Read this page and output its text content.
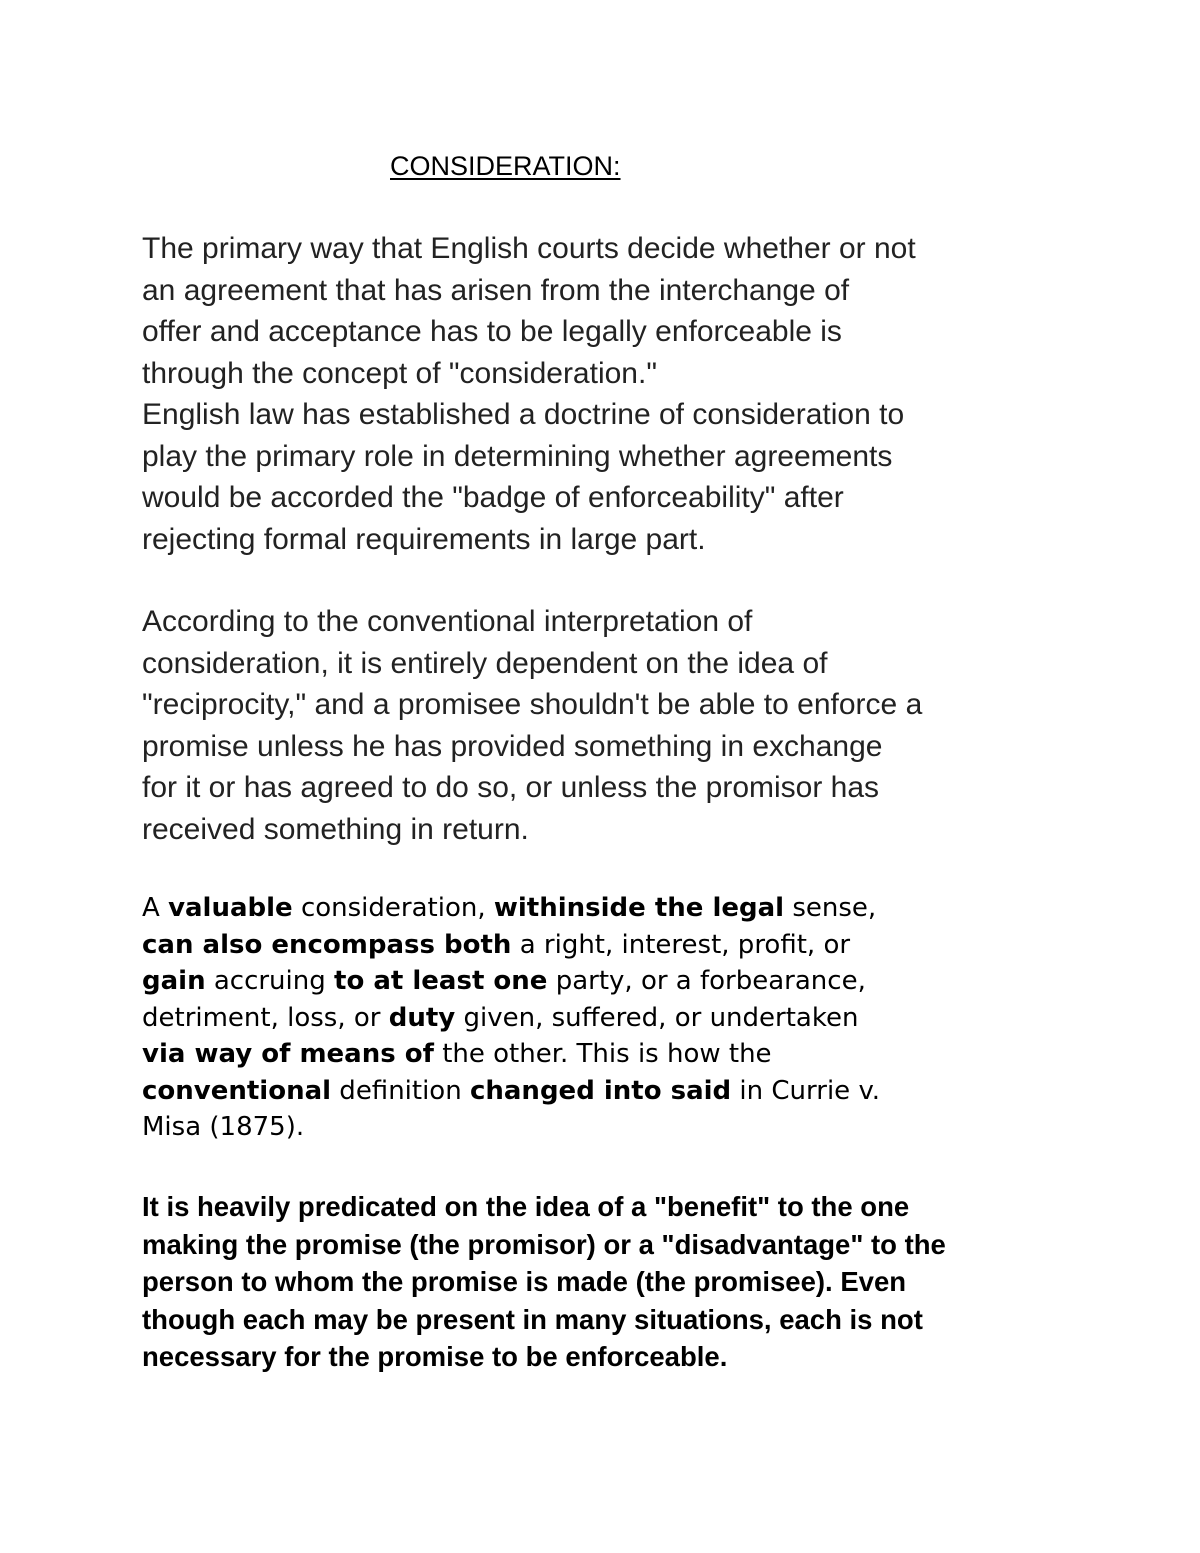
CONSIDERATION:

The primary way that English courts decide whether or not
an agreement that has arisen from the interchange of
offer and acceptance has to be legally enforceable is
through the concept of "consideration."
English law has established a doctrine of consideration to
play the primary role in determining whether agreements
would be accorded the "badge of enforceability" after
rejecting formal requirements in large part.

According to the conventional interpretation of
consideration, it is entirely dependent on the idea of
"reciprocity," and a promisee shouldn't be able to enforce a
promise unless he has provided something in exchange
for it or has agreed to do so, or unless the promisor has
received something in return.

A valuable consideration, withinside the legal sense,
can also encompass both a right, interest, profit, or
gain accruing to at least one party, or a forbearance,
detriment, loss, or duty given, suffered, or undertaken
via way of means of the other. This is how the
conventional definition changed into said in Currie v.
Misa (1875).

It is heavily predicated on the idea of a "benefit" to the one
making the promise (the promisor) or a "disadvantage" to the
person to whom the promise is made (the promisee). Even
though each may be present in many situations, each is not
necessary for the promise to be enforceable.
